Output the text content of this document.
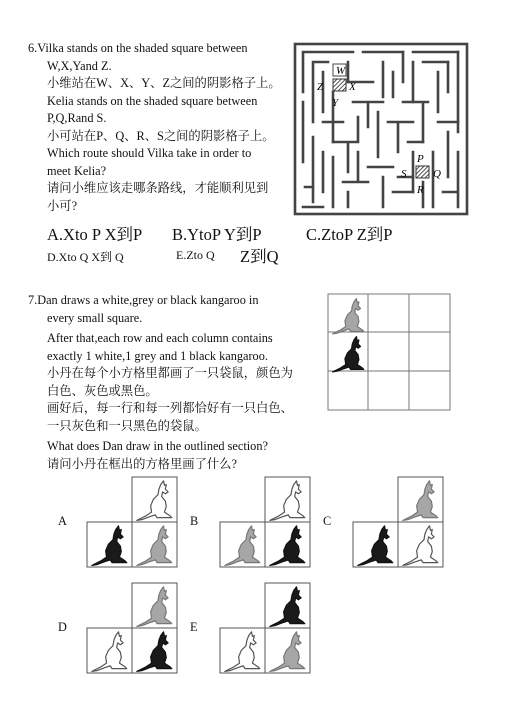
6.Vilka stands on the shaded square between
W,X,Yand Z.
小维站在W、X、Y、Z之间的阴影格子上。
Kelia stands on the shaded square between
P,Q,Rand S.
小可站在P、Q、R、S之间的阴影格子上。
Which route should Vilka take in order to
meet Kelia?
请问小维应该走哪条路线，才能顺利见到
小可?
A.Xto P X到P B.YtoP Y到P	C.ZtoP Z到P
D.Xto Q X到 Q	E.Zto Q Z到Q
W
X
Y
Z
P
Q
R
S
7.Dan draws a white,grey or black kangaroo in
every small square.
After that,each row and each column contains
exactly 1 white,1 grey and 1 black kangaroo.
小丹在每个小方格里都画了一只袋鼠，颜色为
白色、灰色或黑色。
画好后，每一行和每一列都恰好有一只白色、
一只灰色和一只黑色的袋鼠。
What does Dan draw in the outlined section?
请问小丹在框出的方格里画了什么?
A	B	C
D	E
